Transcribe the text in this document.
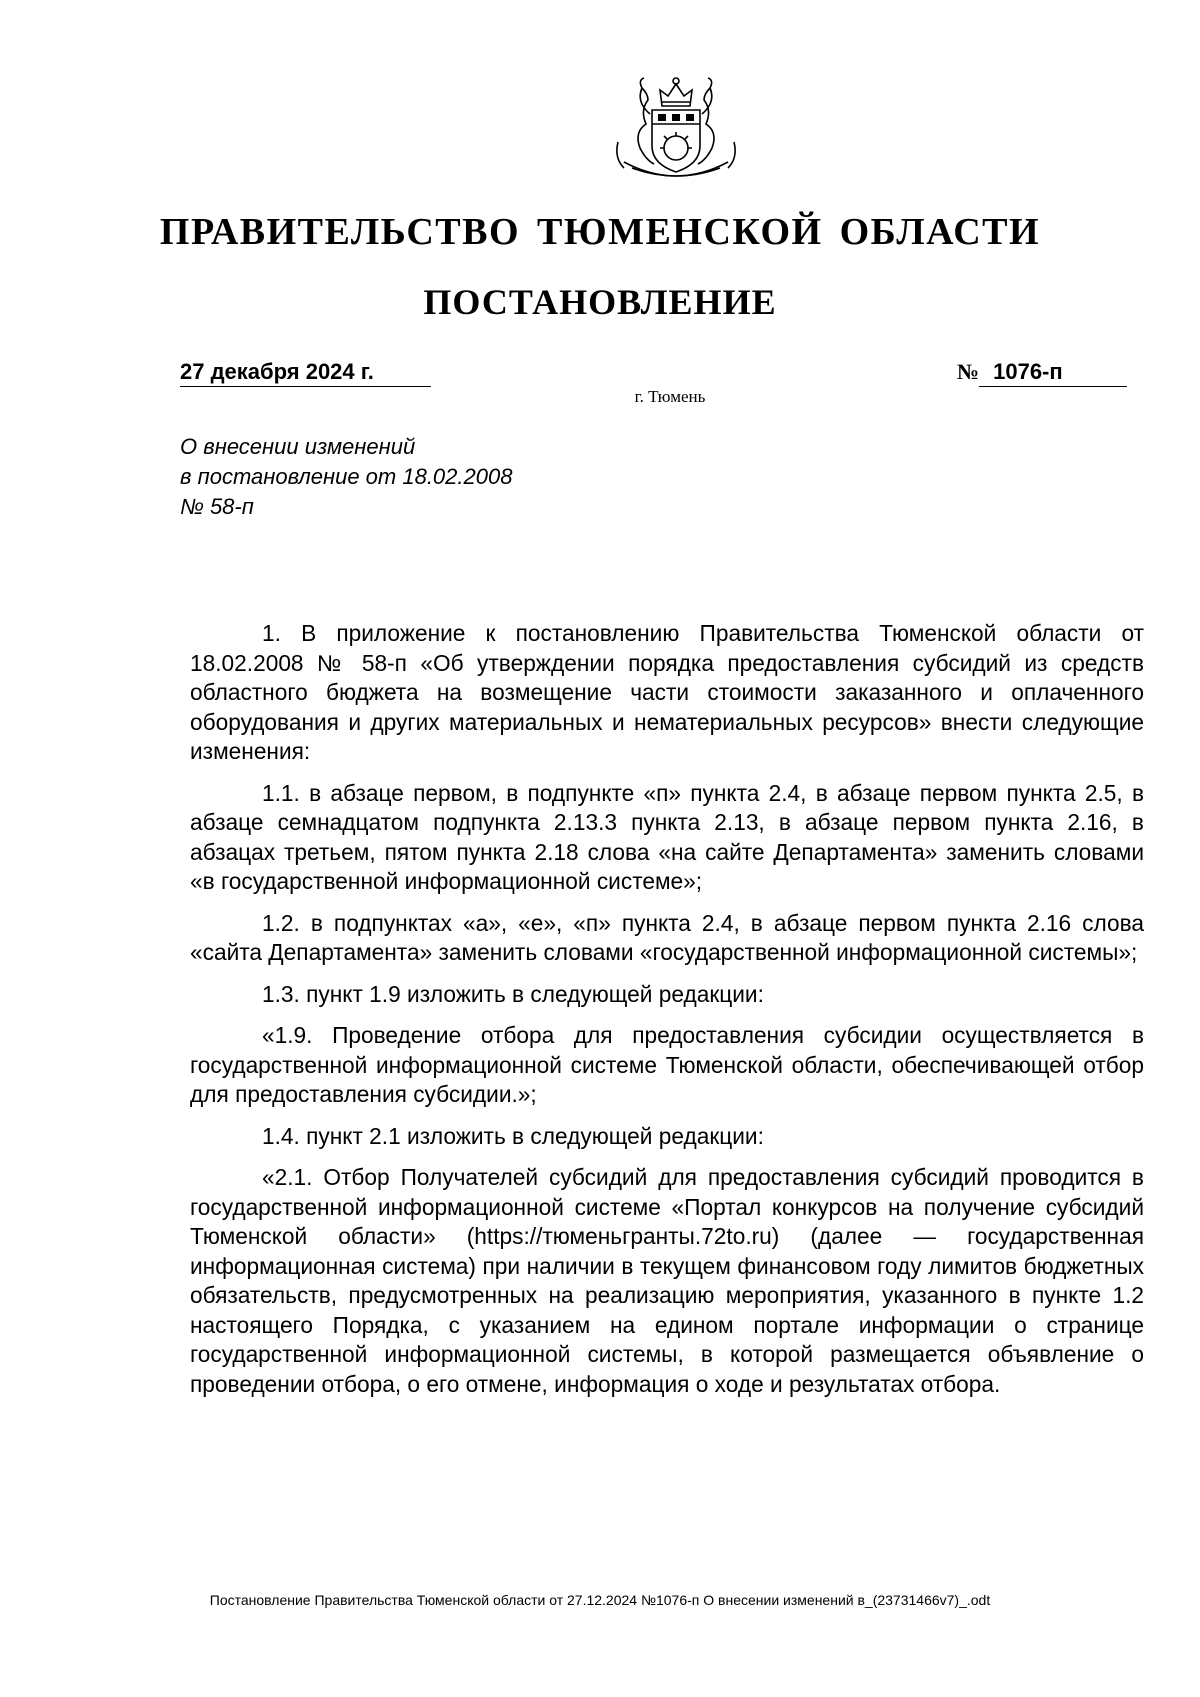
ПРАВИТЕЛЬСТВО ТЮМЕНСКОЙ ОБЛАСТИ
ПОСТАНОВЛЕНИЕ
27 декабря 2024 г.	№ 1076-п
г. Тюмень
О внесении изменений
в постановление от 18.02.2008
№ 58-п

1. В приложение к постановлению Правительства Тюменской области от 18.02.2008 № 58-п «Об утверждении порядка предоставления субсидий из средств областного бюджета на возмещение части стоимости заказанного и оплаченного оборудования и других материальных и нематериальных ресурсов» внести следующие изменения:

1.1. в абзаце первом, в подпункте «п» пункта 2.4, в абзаце первом пункта 2.5, в абзаце семнадцатом подпункта 2.13.3 пункта 2.13, в абзаце первом пункта 2.16, в абзацах третьем, пятом пункта 2.18 слова «на сайте Департамента» заменить словами «в государственной информационной системе»;

1.2. в подпунктах «а», «е», «п» пункта 2.4, в абзаце первом пункта 2.16 слова «сайта Департамента» заменить словами «государственной информационной системы»;

1.3. пункт 1.9 изложить в следующей редакции:

«1.9. Проведение отбора для предоставления субсидии осуществляется в государственной информационной системе Тюменской области, обеспечивающей отбор для предоставления субсидии.»;

1.4. пункт 2.1 изложить в следующей редакции:

«2.1. Отбор Получателей субсидий для предоставления субсидий проводится в государственной информационной системе «Портал конкурсов на получение субсидий Тюменской области» (https://тюменьгранты.72to.ru) (далее — государственная информационная система) при наличии в текущем финансовом году лимитов бюджетных обязательств, предусмотренных на реализацию мероприятия, указанного в пункте 1.2 настоящего Порядка, с указанием на едином портале информации о странице государственной информационной системы, в которой размещается объявление о проведении отбора, о его отмене, информация о ходе и результатах отбора.

Постановление Правительства Тюменской области от 27.12.2024 №1076-п О внесении изменений в_(23731466v7)_.odt
